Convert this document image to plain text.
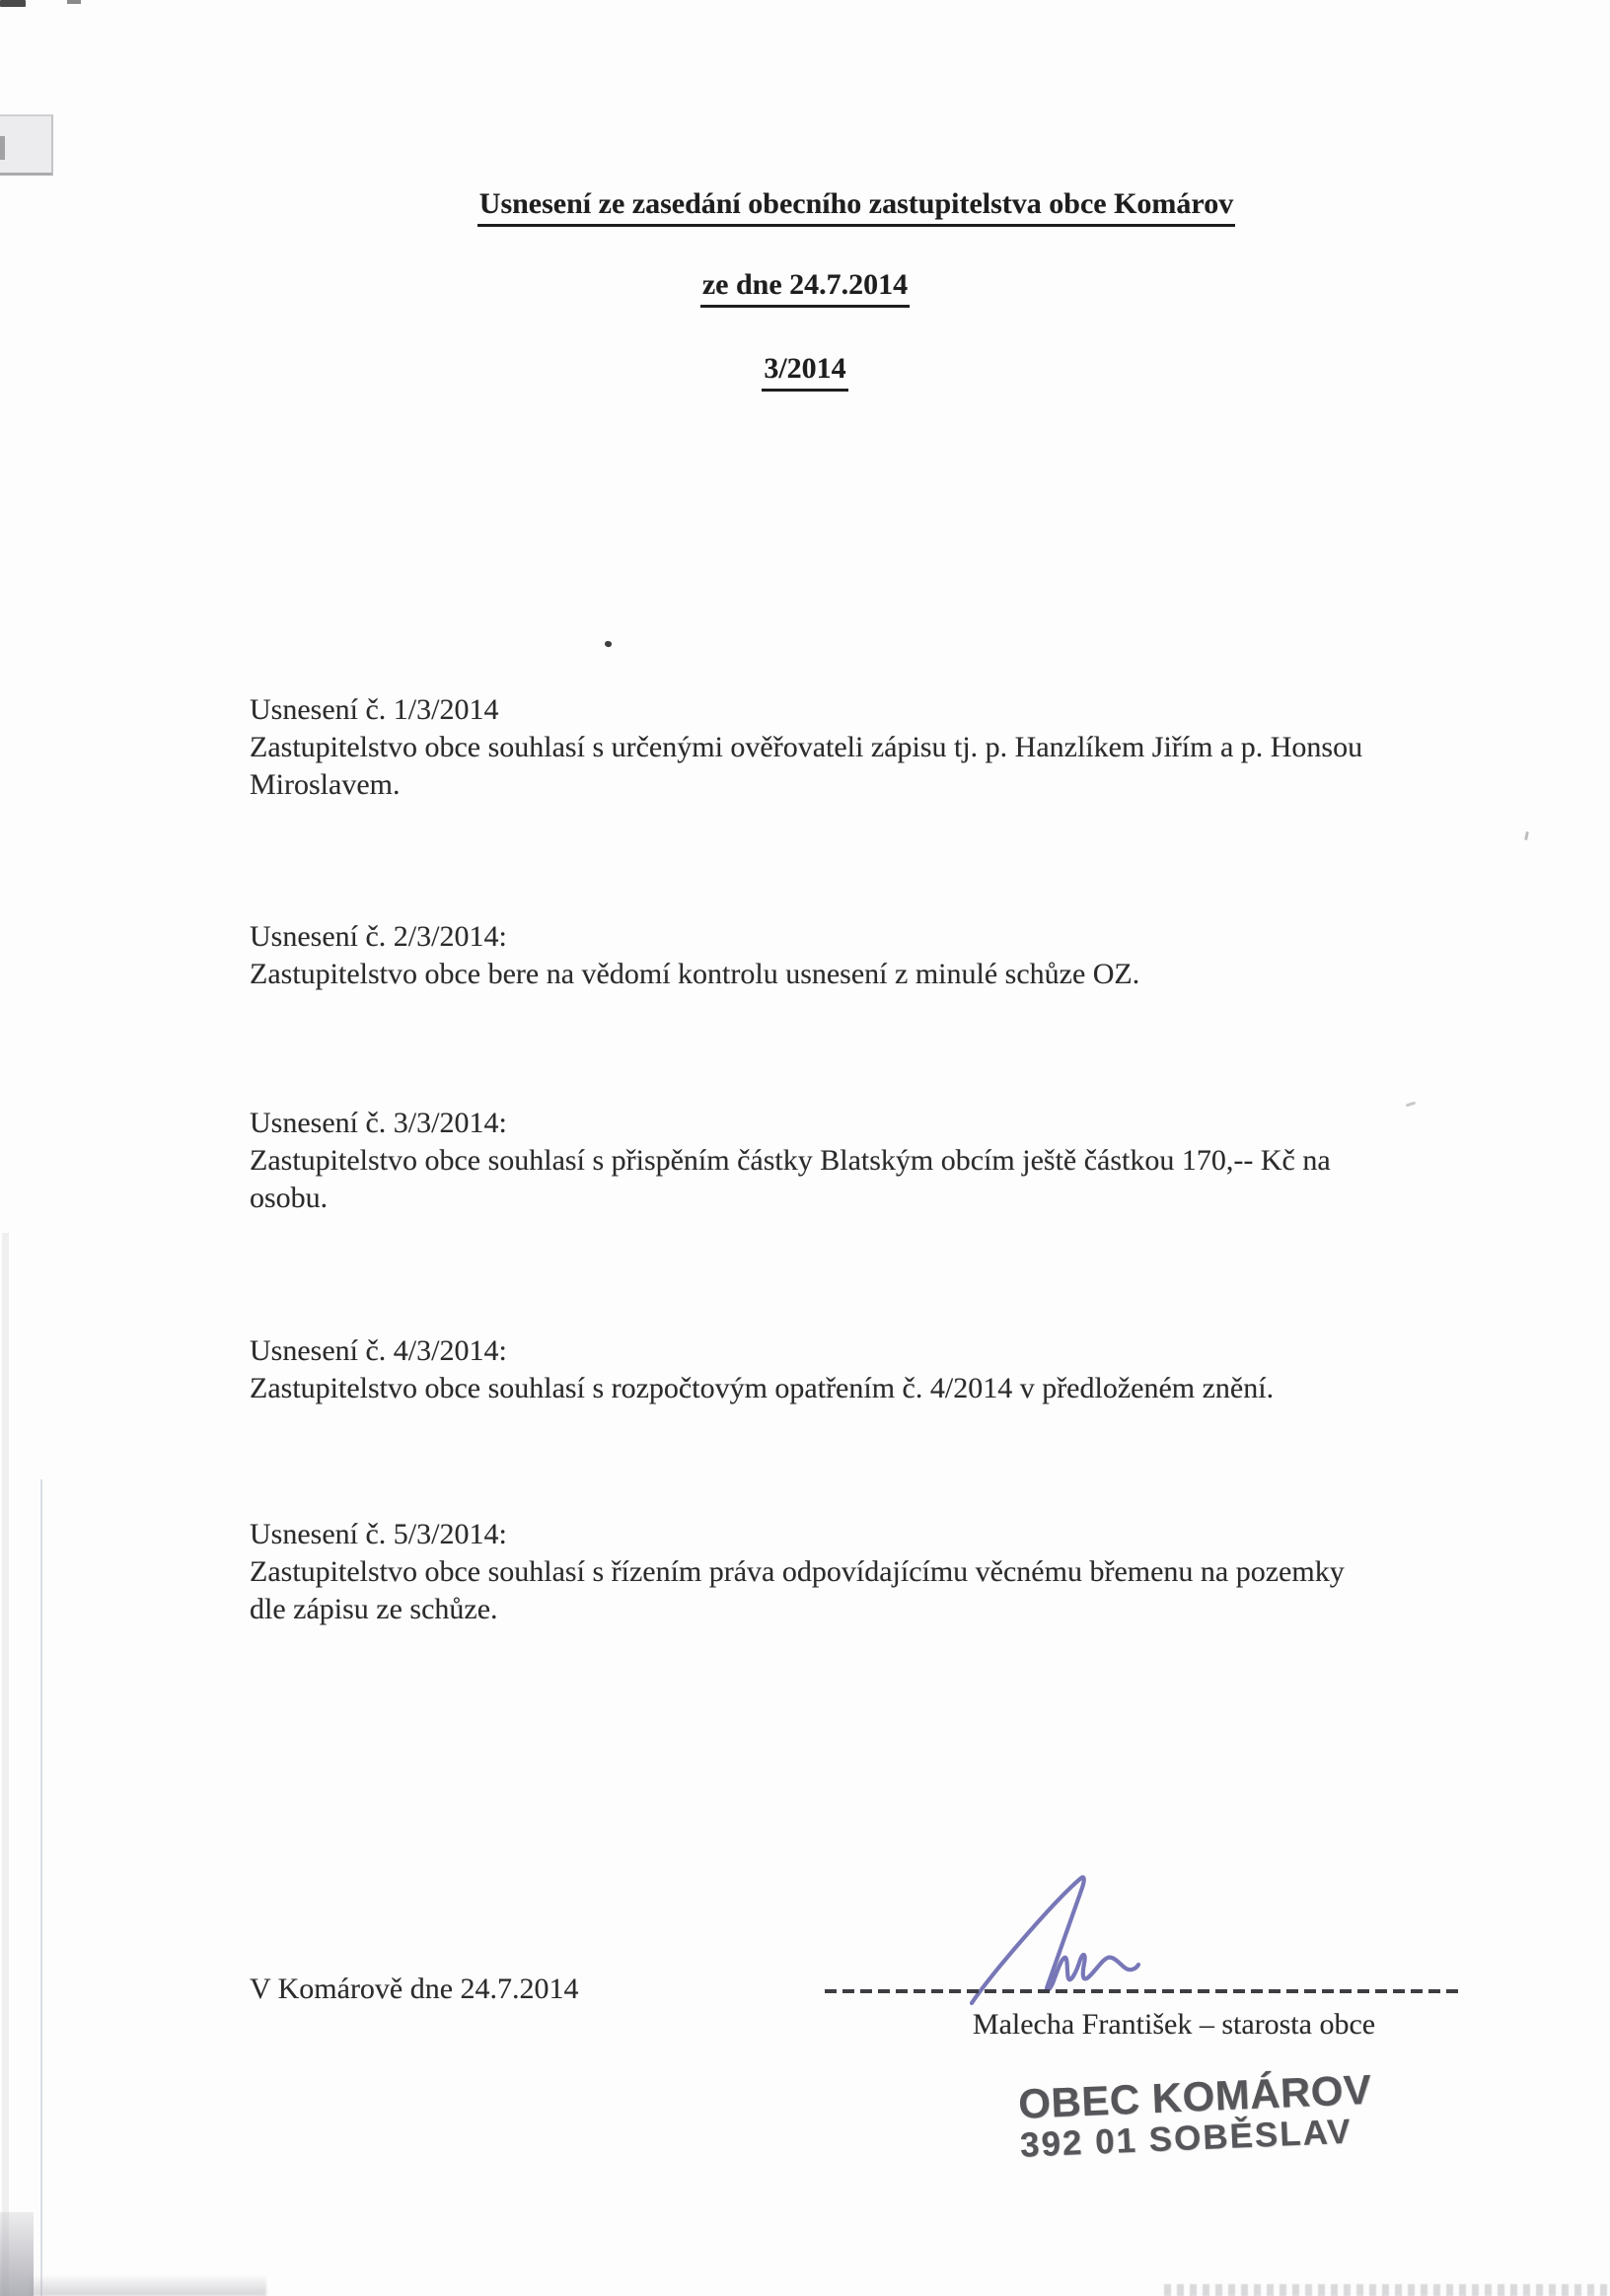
Usnesení ze zasedání obecního zastupitelstva obce Komárov
ze dne 24.7.2014
3/2014
Usnesení č. 1/3/2014
Zastupitelstvo obce souhlasí s určenými ověřovateli zápisu tj. p. Hanzlíkem Jiřím a p. Honsou
Miroslavem.
Usnesení č. 2/3/2014:
Zastupitelstvo obce bere na vědomí kontrolu usnesení z minulé schůze OZ.
Usnesení č. 3/3/2014:
Zastupitelstvo obce souhlasí s přispěním částky Blatským obcím ještě částkou 170,-- Kč na
osobu.
Usnesení č. 4/3/2014:
Zastupitelstvo obce souhlasí s rozpočtovým opatřením č. 4/2014 v předloženém znění.
Usnesení č. 5/3/2014:
Zastupitelstvo obce souhlasí s řízením práva odpovídajícímu věcnému břemenu na pozemky
dle zápisu ze schůze.
V Komárově dne 24.7.2014
Malecha František – starosta obce
OBEC KOMÁROV
392 01 SOBĚSLAV
